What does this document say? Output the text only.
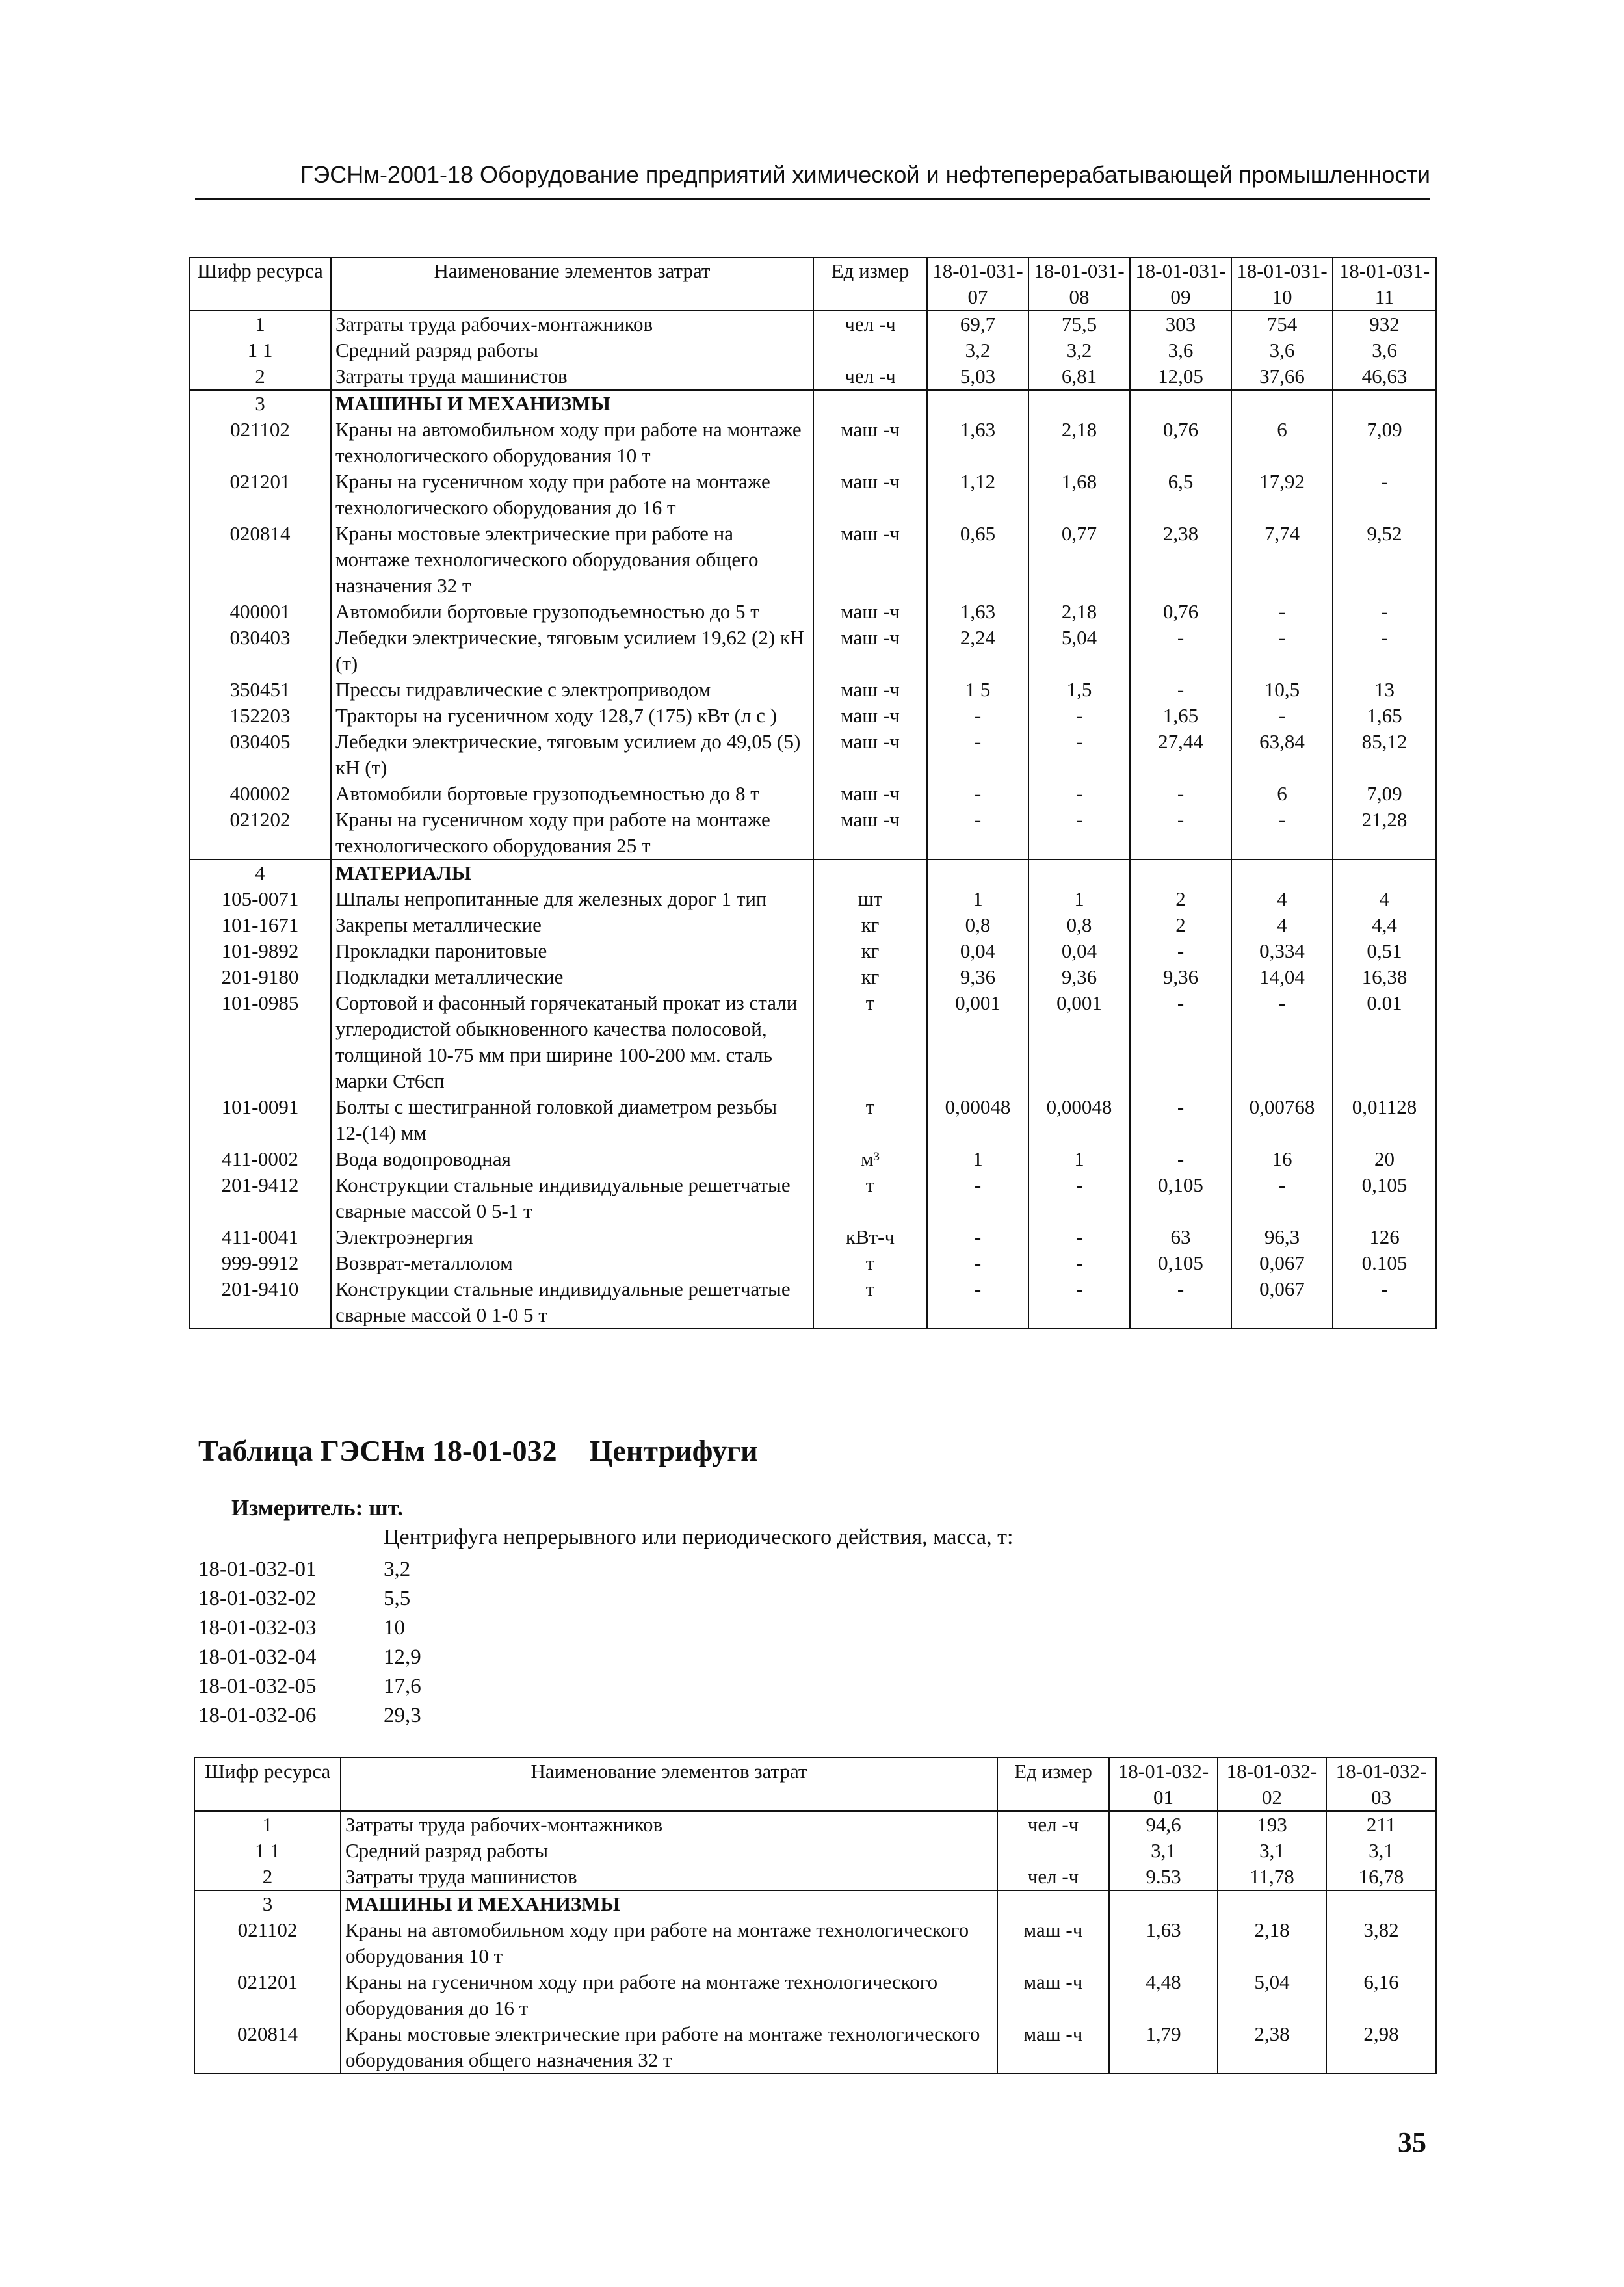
ГЭСНм-2001-18 Оборудование предприятий химической и нефтеперерабатывающей промышленности
Шифр ресурса	Наименование элементов затрат	Ед измер	18-01-031-07	18-01-031-08	18-01-031-09	18-01-031-10	18-01-031-11
1	Затраты труда рабочих-монтажников	чел -ч	69,7	75,5	303	754	932
1 1	Средний разряд работы		3,2	3,2	3,6	3,6	3,6
2	Затраты труда машинистов	чел -ч	5,03	6,81	12,05	37,66	46,63
3	МАШИНЫ И МЕХАНИЗМЫ						
021102	Краны на автомобильном ходу при работе на монтаже технологического оборудования 10 т	маш -ч	1,63	2,18	0,76	6	7,09
021201	Краны на гусеничном ходу при работе на монтаже технологического оборудования до 16 т	маш -ч	1,12	1,68	6,5	17,92	-
020814	Краны мостовые электрические при работе на монтаже технологического оборудования общего назначения 32 т	маш -ч	0,65	0,77	2,38	7,74	9,52
400001	Автомобили бортовые грузоподъемностью до 5 т	маш -ч	1,63	2,18	0,76	-	-
030403	Лебедки электрические, тяговым усилием 19,62 (2) кН (т)	маш -ч	2,24	5,04	-	-	-
350451	Прессы гидравлические с электроприводом	маш -ч	1 5	1,5	-	10,5	13
152203	Тракторы на гусеничном ходу 128,7 (175) кВт (л с )	маш -ч	-	-	1,65	-	1,65
030405	Лебедки электрические, тяговым усилием до 49,05 (5) кН (т)	маш -ч	-	-	27,44	63,84	85,12
400002	Автомобили бортовые грузоподъемностью до 8 т	маш -ч	-	-	-	6	7,09
021202	Краны на гусеничном ходу при работе на монтаже технологического оборудования 25 т	маш -ч	-	-	-	-	21,28
4	МАТЕРИАЛЫ						
105-0071	Шпалы непропитанные для железных дорог 1 тип	шт	1	1	2	4	4
101-1671	Закрепы металлические	кг	0,8	0,8	2	4	4,4
101-9892	Прокладки паронитовые	кг	0,04	0,04	-	0,334	0,51
201-9180	Подкладки металлические	кг	9,36	9,36	9,36	14,04	16,38
101-0985	Сортовой и фасонный горячекатаный прокат из стали углеродистой обыкновенного качества полосовой, толщиной 10-75 мм при ширине 100-200 мм. сталь марки Ст6сп	т	0,001	0,001	-	-	0.01
101-0091	Болты с шестигранной головкой диаметром резьбы 12-(14) мм	т	0,00048	0,00048	-	0,00768	0,01128
411-0002	Вода водопроводная	м³	1	1	-	16	20
201-9412	Конструкции стальные индивидуальные решетчатые сварные массой 0 5-1 т	т	-	-	0,105	-	0,105
411-0041	Электроэнергия	кВт-ч	-	-	63	96,3	126
999-9912	Возврат-металлолом	т	-	-	0,105	0,067	0.105
201-9410	Конструкции стальные индивидуальные решетчатые сварные массой 0 1-0 5 т	т	-	-	-	0,067	-
Таблица ГЭСНм 18-01-032 Центрифуги
Измеритель: шт.
Центрифуга непрерывного или периодического действия, масса, т:
18-01-032-01	3,2
18-01-032-02	5,5
18-01-032-03	10
18-01-032-04	12,9
18-01-032-05	17,6
18-01-032-06	29,3
Шифр ресурса	Наименование элементов затрат	Ед измер	18-01-032-01	18-01-032-02	18-01-032-03
1	Затраты труда рабочих-монтажников	чел -ч	94,6	193	211
1 1	Средний разряд работы		3,1	3,1	3,1
2	Затраты труда машинистов	чел -ч	9.53	11,78	16,78
3	МАШИНЫ И МЕХАНИЗМЫ				
021102	Краны на автомобильном ходу при работе на монтаже технологического оборудования 10 т	маш -ч	1,63	2,18	3,82
021201	Краны на гусеничном ходу при работе на монтаже технологического оборудования до 16 т	маш -ч	4,48	5,04	6,16
020814	Краны мостовые электрические при работе на монтаже технологического оборудования общего назначения 32 т	маш -ч	1,79	2,38	2,98
35
